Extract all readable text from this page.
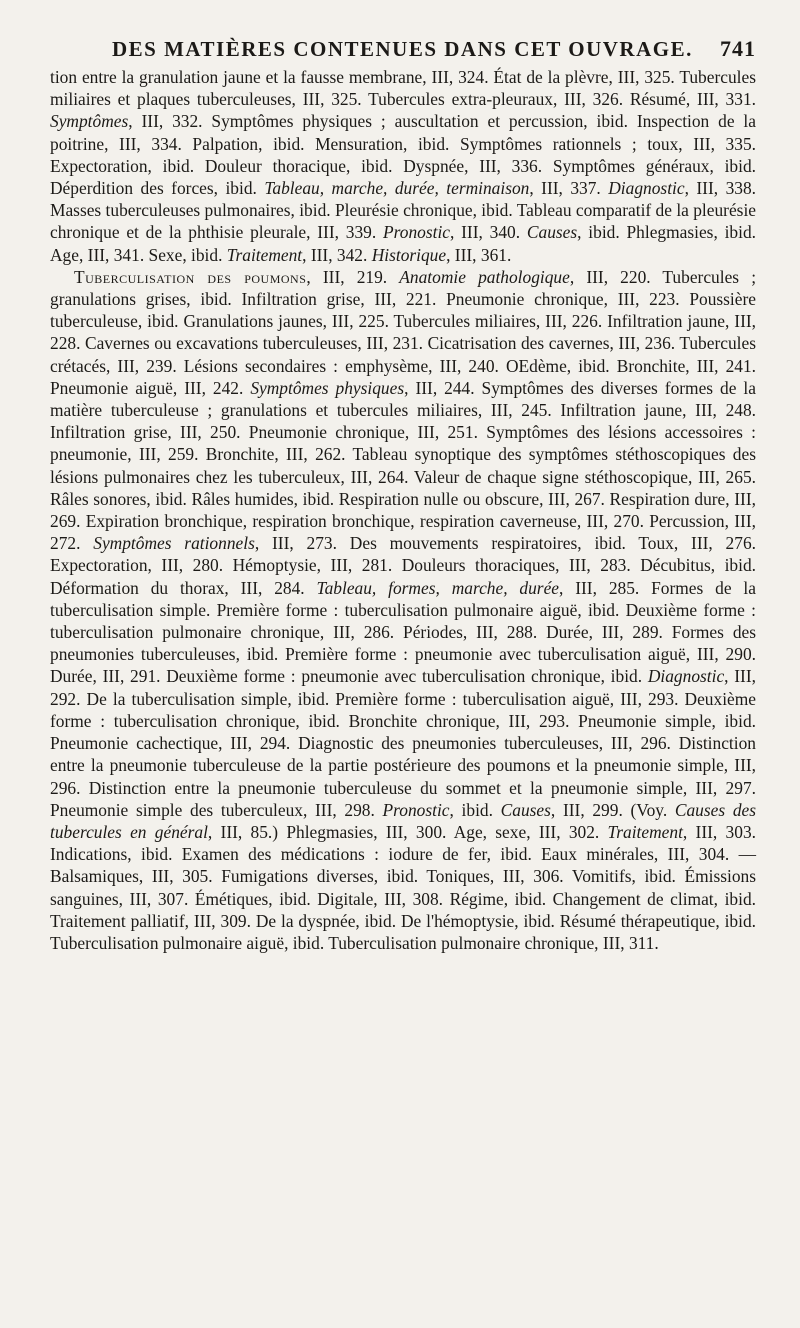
DES MATIÈRES CONTENUES DANS CET OUVRAGE. 741

tion entre la granulation jaune et la fausse membrane, III, 324. État de la plèvre, III, 325. Tubercules miliaires et plaques tuberculeuses, III, 325. Tubercules extra-pleuraux, III, 326. Résumé, III, 331. Symptômes, III, 332. Symptômes physiques ; auscultation et percussion, ibid. Inspection de la poitrine, III, 334. Palpation, ibid. Mensuration, ibid. Symptômes rationnels ; toux, III, 335. Expectoration, ibid. Douleur thoracique, ibid. Dyspnée, III, 336. Symptômes généraux, ibid. Déperdition des forces, ibid. Tableau, marche, durée, terminaison, III, 337. Diagnostic, III, 338. Masses tuberculeuses pulmonaires, ibid. Pleurésie chronique, ibid. Tableau comparatif de la pleurésie chronique et de la phthisie pleurale, III, 339. Pronostic, III, 340. Causes, ibid. Phlegmasies, ibid. Age, III, 341. Sexe, ibid. Traitement, III, 342. Historique, III, 361.

Tuberculisation des poumons, III, 219. Anatomie pathologique, III, 220. Tubercules ; granulations grises, ibid. Infiltration grise, III, 221. Pneumonie chronique, III, 223. Poussière tuberculeuse, ibid. Granulations jaunes, III, 225. Tubercules miliaires, III, 226. Infiltration jaune, III, 228. Cavernes ou excavations tuberculeuses, III, 231. Cicatrisation des cavernes, III, 236. Tubercules crétacés, III, 239. Lésions secondaires : emphysème, III, 240. OEdème, ibid. Bronchite, III, 241. Pneumonie aiguë, III, 242. Symptômes physiques, III, 244. Symptômes des diverses formes de la matière tuberculeuse ; granulations et tubercules miliaires, III, 245. Infiltration jaune, III, 248. Infiltration grise, III, 250. Pneumonie chronique, III, 251. Symptômes des lésions accessoires : pneumonie, III, 259. Bronchite, III, 262. Tableau synoptique des symptômes stéthoscopiques des lésions pulmonaires chez les tuberculeux, III, 264. Valeur de chaque signe stéthoscopique, III, 265. Râles sonores, ibid. Râles humides, ibid. Respiration nulle ou obscure, III, 267. Respiration dure, III, 269. Expiration bronchique, respiration bronchique, respiration caverneuse, III, 270. Percussion, III, 272. Symptômes rationnels, III, 273. Des mouvements respiratoires, ibid. Toux, III, 276. Expectoration, III, 280. Hémoptysie, III, 281. Douleurs thoraciques, III, 283. Décubitus, ibid. Déformation du thorax, III, 284. Tableau, formes, marche, durée, III, 285. Formes de la tuberculisation simple. Première forme : tuberculisation pulmonaire aiguë, ibid. Deuxième forme : tuberculisation pulmonaire chronique, III, 286. Périodes, III, 288. Durée, III, 289. Formes des pneumonies tuberculeuses, ibid. Première forme : pneumonie avec tuberculisation aiguë, III, 290. Durée, III, 291. Deuxième forme : pneumonie avec tuberculisation chronique, ibid. Diagnostic, III, 292. De la tuberculisation simple, ibid. Première forme : tuberculisation aiguë, III, 293. Deuxième forme : tuberculisation chronique, ibid. Bronchite chronique, III, 293. Pneumonie simple, ibid. Pneumonie cachectique, III, 294. Diagnostic des pneumonies tuberculeuses, III, 296. Distinction entre la pneumonie tuberculeuse de la partie postérieure des poumons et la pneumonie simple, III, 296. Distinction entre la pneumonie tuberculeuse du sommet et la pneumonie simple, III, 297. Pneumonie simple des tuberculeux, III, 298. Pronostic, ibid. Causes, III, 299. (Voy. Causes des tubercules en général, III, 85.) Phlegmasies, III, 300. Age, sexe, III, 302. Traitement, III, 303. Indications, ibid. Examen des médications : iodure de fer, ibid. Eaux minérales, III, 304. — Balsamiques, III, 305. Fumigations diverses, ibid. Toniques, III, 306. Vomitifs, ibid. Émissions sanguines, III, 307. Émétiques, ibid. Digitale, III, 308. Régime, ibid. Changement de climat, ibid. Traitement palliatif, III, 309. De la dyspnée, ibid. De l'hémoptysie, ibid. Résumé thérapeutique, ibid. Tuberculisation pulmonaire aiguë, ibid. Tuberculisation pulmonaire chronique, III, 311.
